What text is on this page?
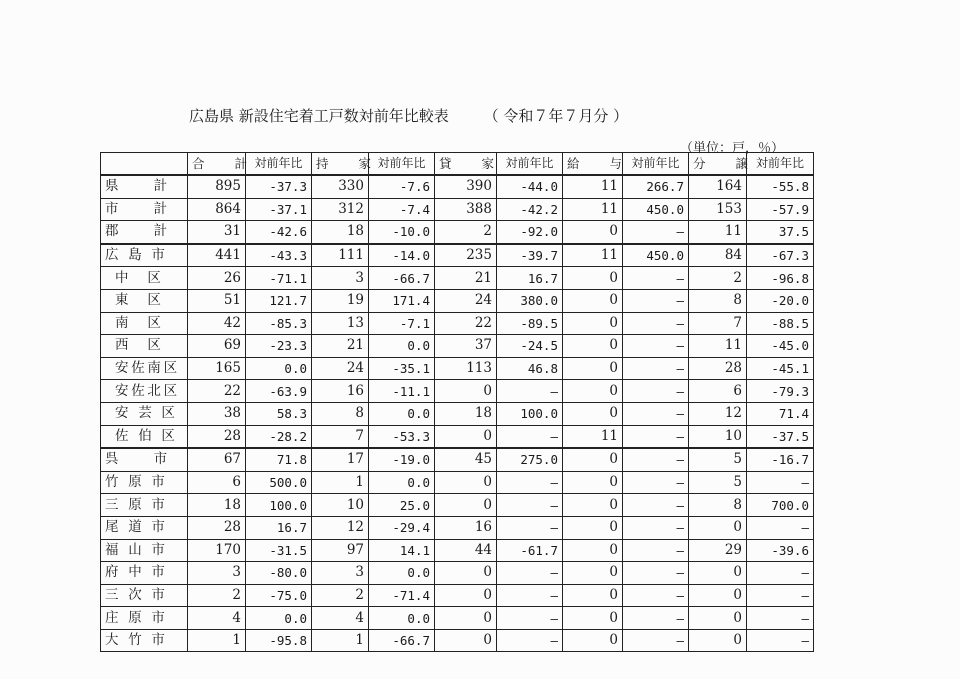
広島県 新設住宅着工戸数対前年比較表 （ 令和７年７月分 ）
（単位：戸，％）
	合　計	対前年比	持　家	対前年比	貸　家	対前年比	給　与	対前年比	分　譲	対前年比
県　　計	895	-37.3	330	-7.6	390	-44.0	11	266.7	164	-55.8
市　　計	864	-37.1	312	-7.4	388	-42.2	11	450.0	153	-57.9
郡　　計	31	-42.6	18	-10.0	2	-92.0	0	—	11	37.5
広 島 市	441	-43.3	111	-14.0	235	-39.7	11	450.0	84	-67.3
中　区	26	-71.1	3	-66.7	21	16.7	0	—	2	-96.8
東　区	51	121.7	19	171.4	24	380.0	0	—	8	-20.0
南　区	42	-85.3	13	-7.1	22	-89.5	0	—	7	-88.5
西　区	69	-23.3	21	0.0	37	-24.5	0	—	11	-45.0
安佐南区	165	0.0	24	-35.1	113	46.8	0	—	28	-45.1
安佐北区	22	-63.9	16	-11.1	0	—	0	—	6	-79.3
安 芸 区	38	58.3	8	0.0	18	100.0	0	—	12	71.4
佐 伯 区	28	-28.2	7	-53.3	0	—	11	—	10	-37.5
呉　　市	67	71.8	17	-19.0	45	275.0	0	—	5	-16.7
竹 原 市	6	500.0	1	0.0	0	—	0	—	5	—
三 原 市	18	100.0	10	25.0	0	—	0	—	8	700.0
尾 道 市	28	16.7	12	-29.4	16	—	0	—	0	—
福 山 市	170	-31.5	97	14.1	44	-61.7	0	—	29	-39.6
府 中 市	3	-80.0	3	0.0	0	—	0	—	0	—
三 次 市	2	-75.0	2	-71.4	0	—	0	—	0	—
庄 原 市	4	0.0	4	0.0	0	—	0	—	0	—
大 竹 市	1	-95.8	1	-66.7	0	—	0	—	0	—
